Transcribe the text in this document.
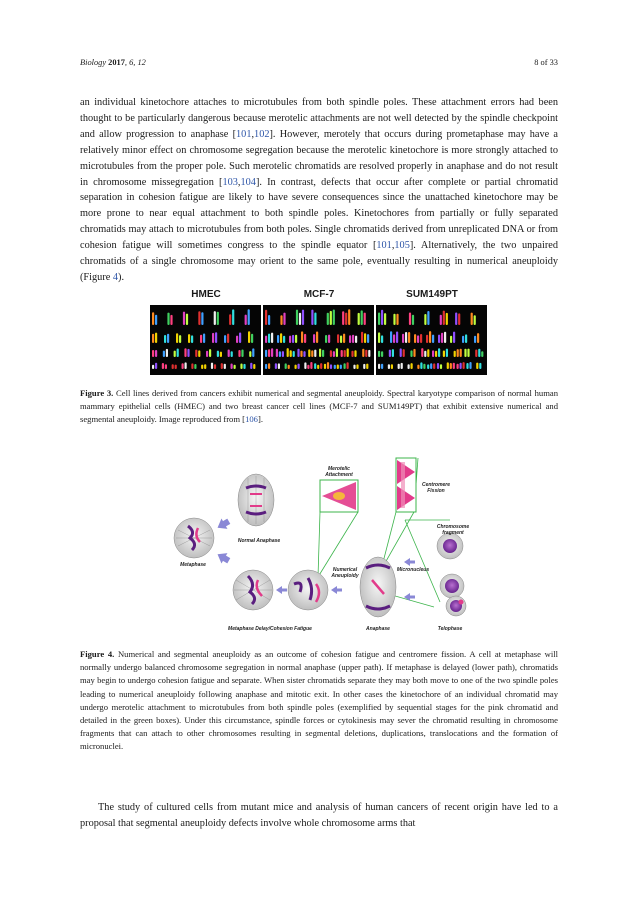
Biology 2017, 6, 12	8 of 33

an individual kinetochore attaches to microtubules from both spindle poles. These attachment errors had been thought to be particularly dangerous because merotelic attachments are not well detected by the spindle checkpoint and allow progression to anaphase [101,102]. However, merotely that occurs during prometaphase may have a relatively minor effect on chromosome segregation because the merotelic kinetochore is more strongly attached to microtubules from the proper pole. Such merotelic chromatids are resolved properly in anaphase and do not result in chromosome missegregation [103,104]. In contrast, defects that occur after complete or partial chromatid separation in cohesion fatigue are likely to have severe consequences since the unattached kinetochore may be more prone to near equal attachment to both spindle poles. Kinetochores from partially or fully separated chromatids may attach to microtubules from both poles. Single chromatids derived from unreplicated DNA or from cohesion fatigue will sometimes congress to the spindle equator [101,105]. Alternatively, the two unpaired chromatids of a single chromosome may orient to the same pole, eventually resulting in numerical aneuploidy (Figure 4).

HMEC	MCF-7	SUM149PT

Figure 3. Cell lines derived from cancers exhibit numerical and segmental aneuploidy. Spectral karyotype comparison of normal human mammary epithelial cells (HMEC) and two breast cancer cell lines (MCF-7 and SUM149PT) that exhibit extensive numerical and segmental aneuploidy. Image reproduced from [106].

Merotelic Attachment
Centromere Fission
Normal Anaphase
Chromosome fragment
Metaphase
Numerical Aneuploidy
Micronucleus
Metaphase Delay/Cohesion Fatigue	Anaphase	Telophase

Figure 4. Numerical and segmental aneuploidy as an outcome of cohesion fatigue and centromere fission. A cell at metaphase will normally undergo balanced chromosome segregation in normal anaphase (upper path). If metaphase is delayed (lower path), chromatids may begin to undergo cohesion fatigue and separate. When sister chromatids separate they may both move to one of the two spindle poles leading to numerical aneuploidy following anaphase and mitotic exit. In other cases the kinetochore of an individual chromatid may undergo merotelic attachment to microtubules from both spindle poles (exemplified by sequential stages for the pink chromatid and detailed in the green boxes). Under this circumstance, spindle forces or cytokinesis may sever the chromatid resulting in chromosome fragments that can attach to other chromosomes resulting in segmental deletions, duplications, translocations and the formation of micronuclei.

The study of cultured cells from mutant mice and analysis of human cancers of recent origin have led to a proposal that segmental aneuploidy defects involve whole chromosome arms that
